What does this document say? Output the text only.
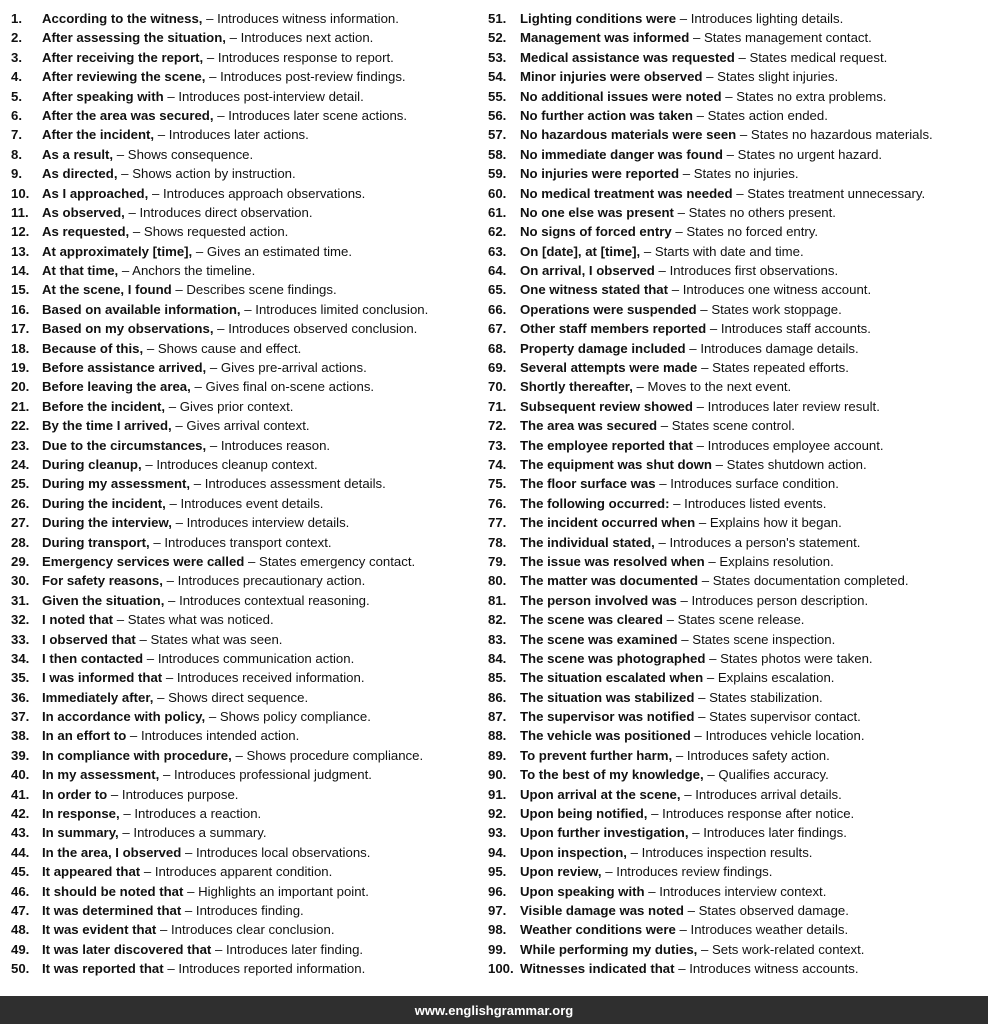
1. According to the witness, – Introduces witness information.
2. After assessing the situation, – Introduces next action.
3. After receiving the report, – Introduces response to report.
4. After reviewing the scene, – Introduces post-review findings.
5. After speaking with – Introduces post-interview detail.
6. After the area was secured, – Introduces later scene actions.
7. After the incident, – Introduces later actions.
8. As a result, – Shows consequence.
9. As directed, – Shows action by instruction.
10. As I approached, – Introduces approach observations.
11. As observed, – Introduces direct observation.
12. As requested, – Shows requested action.
13. At approximately [time], – Gives an estimated time.
14. At that time, – Anchors the timeline.
15. At the scene, I found – Describes scene findings.
16. Based on available information, – Introduces limited conclusion.
17. Based on my observations, – Introduces observed conclusion.
18. Because of this, – Shows cause and effect.
19. Before assistance arrived, – Gives pre-arrival actions.
20. Before leaving the area, – Gives final on-scene actions.
21. Before the incident, – Gives prior context.
22. By the time I arrived, – Gives arrival context.
23. Due to the circumstances, – Introduces reason.
24. During cleanup, – Introduces cleanup context.
25. During my assessment, – Introduces assessment details.
26. During the incident, – Introduces event details.
27. During the interview, – Introduces interview details.
28. During transport, – Introduces transport context.
29. Emergency services were called – States emergency contact.
30. For safety reasons, – Introduces precautionary action.
31. Given the situation, – Introduces contextual reasoning.
32. I noted that – States what was noticed.
33. I observed that – States what was seen.
34. I then contacted – Introduces communication action.
35. I was informed that – Introduces received information.
36. Immediately after, – Shows direct sequence.
37. In accordance with policy, – Shows policy compliance.
38. In an effort to – Introduces intended action.
39. In compliance with procedure, – Shows procedure compliance.
40. In my assessment, – Introduces professional judgment.
41. In order to – Introduces purpose.
42. In response, – Introduces a reaction.
43. In summary, – Introduces a summary.
44. In the area, I observed – Introduces local observations.
45. It appeared that – Introduces apparent condition.
46. It should be noted that – Highlights an important point.
47. It was determined that – Introduces finding.
48. It was evident that – Introduces clear conclusion.
49. It was later discovered that – Introduces later finding.
50. It was reported that – Introduces reported information.
51. Lighting conditions were – Introduces lighting details.
52. Management was informed – States management contact.
53. Medical assistance was requested – States medical request.
54. Minor injuries were observed – States slight injuries.
55. No additional issues were noted – States no extra problems.
56. No further action was taken – States action ended.
57. No hazardous materials were seen – States no hazardous materials.
58. No immediate danger was found – States no urgent hazard.
59. No injuries were reported – States no injuries.
60. No medical treatment was needed – States treatment unnecessary.
61. No one else was present – States no others present.
62. No signs of forced entry – States no forced entry.
63. On [date], at [time], – Starts with date and time.
64. On arrival, I observed – Introduces first observations.
65. One witness stated that – Introduces one witness account.
66. Operations were suspended – States work stoppage.
67. Other staff members reported – Introduces staff accounts.
68. Property damage included – Introduces damage details.
69. Several attempts were made – States repeated efforts.
70. Shortly thereafter, – Moves to the next event.
71. Subsequent review showed – Introduces later review result.
72. The area was secured – States scene control.
73. The employee reported that – Introduces employee account.
74. The equipment was shut down – States shutdown action.
75. The floor surface was – Introduces surface condition.
76. The following occurred: – Introduces listed events.
77. The incident occurred when – Explains how it began.
78. The individual stated, – Introduces a person's statement.
79. The issue was resolved when – Explains resolution.
80. The matter was documented – States documentation completed.
81. The person involved was – Introduces person description.
82. The scene was cleared – States scene release.
83. The scene was examined – States scene inspection.
84. The scene was photographed – States photos were taken.
85. The situation escalated when – Explains escalation.
86. The situation was stabilized – States stabilization.
87. The supervisor was notified – States supervisor contact.
88. The vehicle was positioned – Introduces vehicle location.
89. To prevent further harm, – Introduces safety action.
90. To the best of my knowledge, – Qualifies accuracy.
91. Upon arrival at the scene, – Introduces arrival details.
92. Upon being notified, – Introduces response after notice.
93. Upon further investigation, – Introduces later findings.
94. Upon inspection, – Introduces inspection results.
95. Upon review, – Introduces review findings.
96. Upon speaking with – Introduces interview context.
97. Visible damage was noted – States observed damage.
98. Weather conditions were – Introduces weather details.
99. While performing my duties, – Sets work-related context.
100. Witnesses indicated that – Introduces witness accounts.
www.englishgrammar.org
